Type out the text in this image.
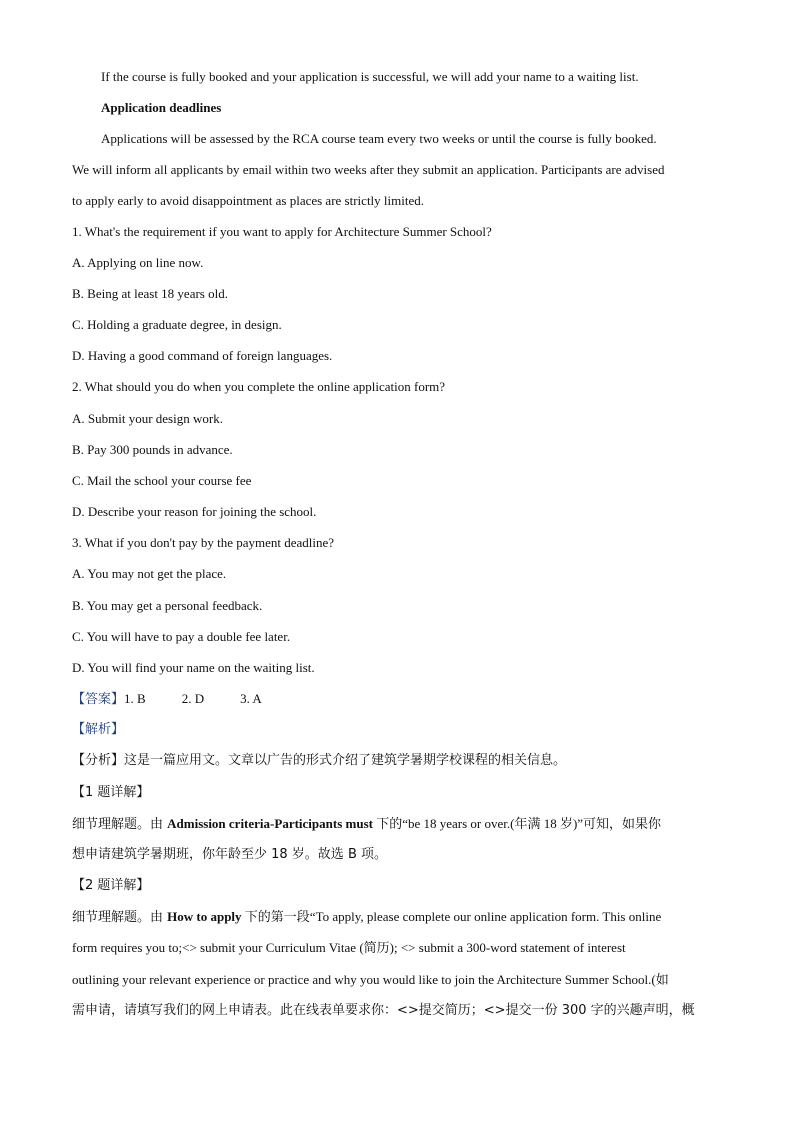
If the course is fully booked and your application is successful, we will add your name to a waiting list.
Application deadlines
Applications will be assessed by the RCA course team every two weeks or until the course is fully booked.
We will inform all applicants by email within two weeks after they submit an application. Participants are advised
to apply early to avoid disappointment as places are strictly limited.
1. What's the requirement if you want to apply for Architecture Summer School?
A. Applying on line now.
B. Being at least 18 years old.
C. Holding a graduate degree, in design.
D. Having a good command of foreign languages.
2. What should you do when you complete the online application form?
A. Submit your design work.
B. Pay 300 pounds in advance.
C. Mail the school your course fee
D. Describe your reason for joining the school.
3. What if you don't pay by the payment deadline?
A. You may not get the place.
B. You may get a personal feedback.
C. You will have to pay a double fee later.
D. You will find your name on the waiting list.
【答案】1. B	2. D	3. A
【解析】
【分析】这是一篇应用文。文章以广告的形式介绍了建筑学暑期学校课程的相关信息。
【1 题详解】
细节理解题。由 Admission criteria-Participants must 下的“be 18 years or over.(年满 18 岁)”可知，如果你
想申请建筑学暑期班，你年龄至少 18 岁。故选 B 项。
【2 题详解】
细节理解题。由 How to apply 下的第一段“To apply, please complete our online application form. This online
form requires you to;<> submit your Curriculum Vitae (简历); <> submit a 300-word statement of interest
outlining your relevant experience or practice and why you would like to join the Architecture Summer School.(如
需申请，请填写我们的网上申请表。此在线表单要求你：<>提交简历；<>提交一份 300 字的兴趣声明，概
